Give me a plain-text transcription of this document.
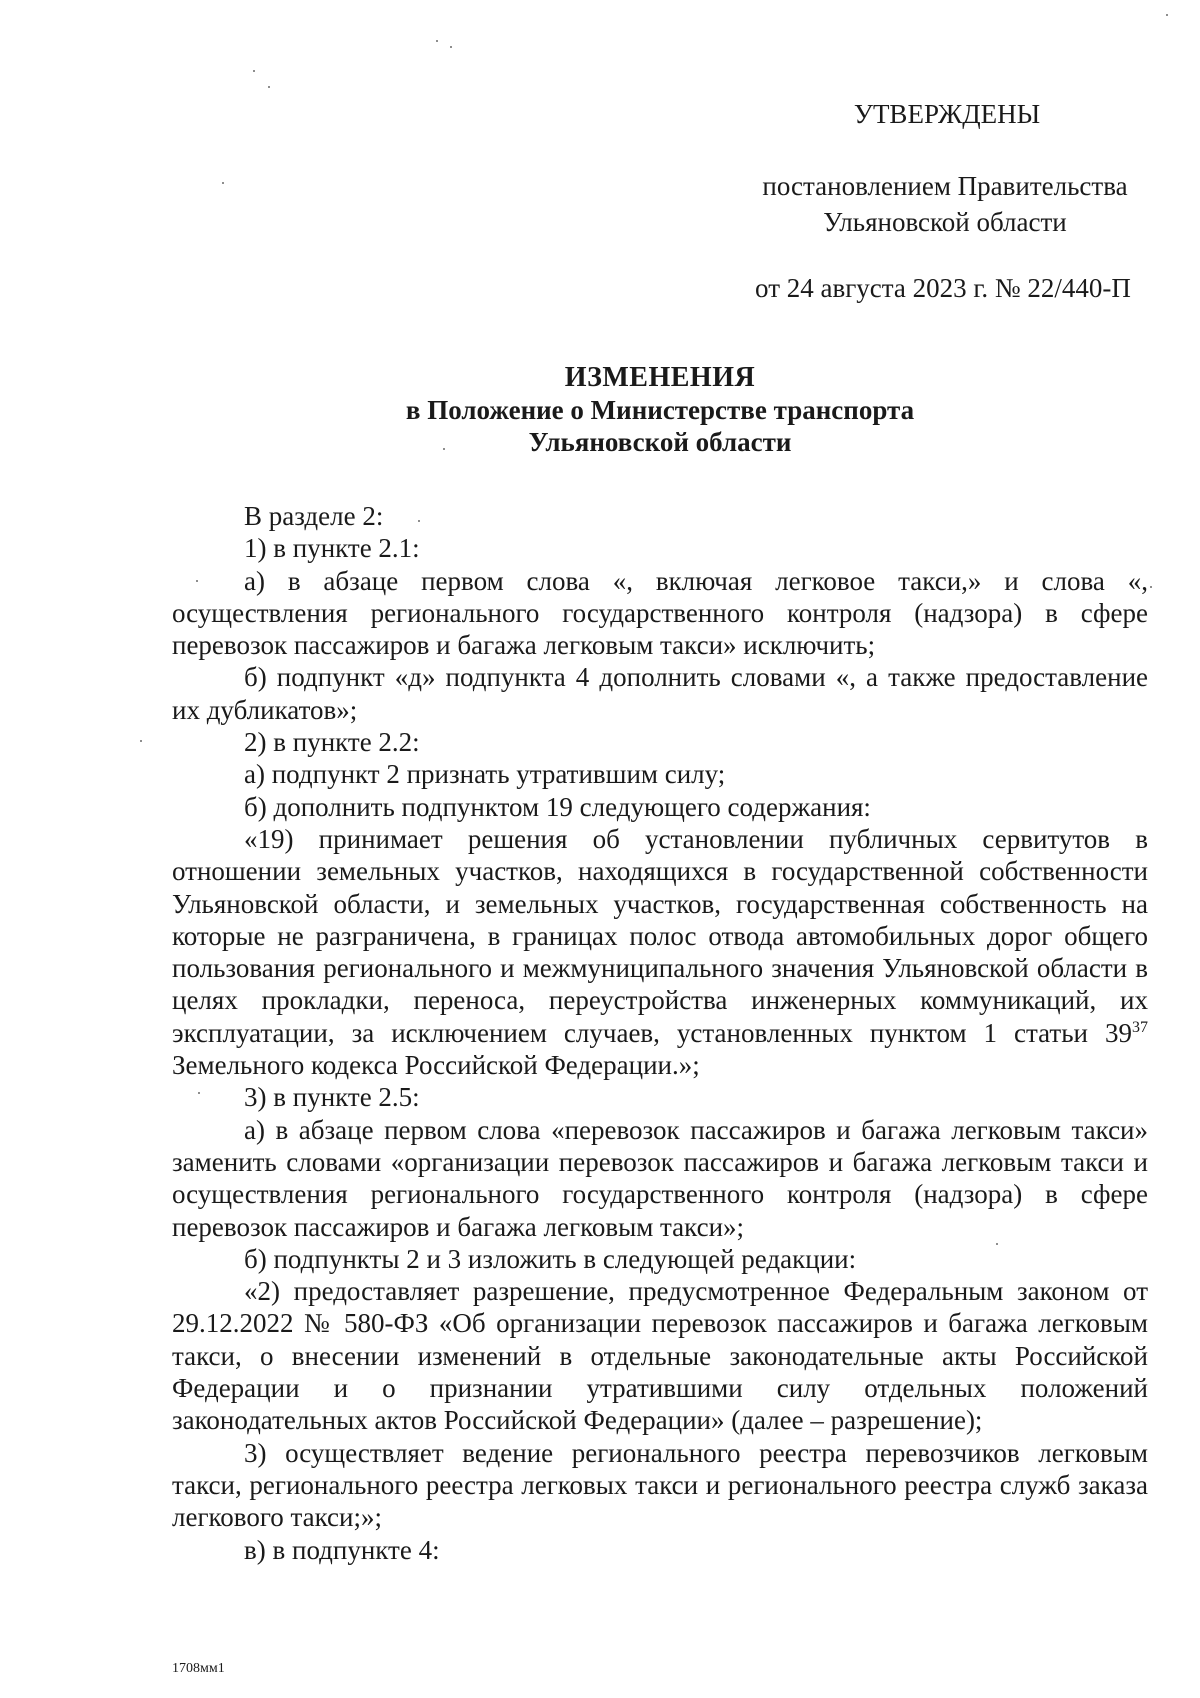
УТВЕРЖДЕНЫ
постановлением Правительства
Ульяновской области
от 24 августа 2023 г. № 22/440-П
ИЗМЕНЕНИЯ
в Положение о Министерстве транспорта
Ульяновской области

В разделе 2:

1) в пункте 2.1:

а) в абзаце первом слова «, включая легковое такси,» и слова «, осуществления регионального государственного контроля (надзора) в сфере перевозок пассажиров и багажа легковым такси» исключить;

б) подпункт «д» подпункта 4 дополнить словами «, а также предоставление их дубликатов»;

2) в пункте 2.2:

а) подпункт 2 признать утратившим силу;

б) дополнить подпунктом 19 следующего содержания:

«19) принимает решения об установлении публичных сервитутов в отношении земельных участков, находящихся в государственной собственности Ульяновской области, и земельных участков, государственная собственность на которые не разграничена, в границах полос отвода автомобильных дорог общего пользования регионального и межмуниципального значения Ульяновской области в целях прокладки, переноса, переустройства инженерных коммуникаций, их эксплуатации, за исключением случаев, установленных пунктом 1 статьи $39^{37}$ Земельного кодекса Российской Федерации.»;

3) в пункте 2.5:

а) в абзаце первом слова «перевозок пассажиров и багажа легковым такси» заменить словами «организации перевозок пассажиров и багажа легковым такси и осуществления регионального государственного контроля (надзора) в сфере перевозок пассажиров и багажа легковым такси»;

б) подпункты 2 и 3 изложить в следующей редакции:

«2) предоставляет разрешение, предусмотренное Федеральным законом от 29.12.2022 № 580-ФЗ «Об организации перевозок пассажиров и багажа легковым такси, о внесении изменений в отдельные законодательные акты Российской Федерации и о признании утратившими силу отдельных положений законодательных актов Российской Федерации» (далее – разрешение);

3) осуществляет ведение регионального реестра перевозчиков легковым такси, регионального реестра легковых такси и регионального реестра служб заказа легкового такси;»;

в) в подпункте 4:

1708мм1
